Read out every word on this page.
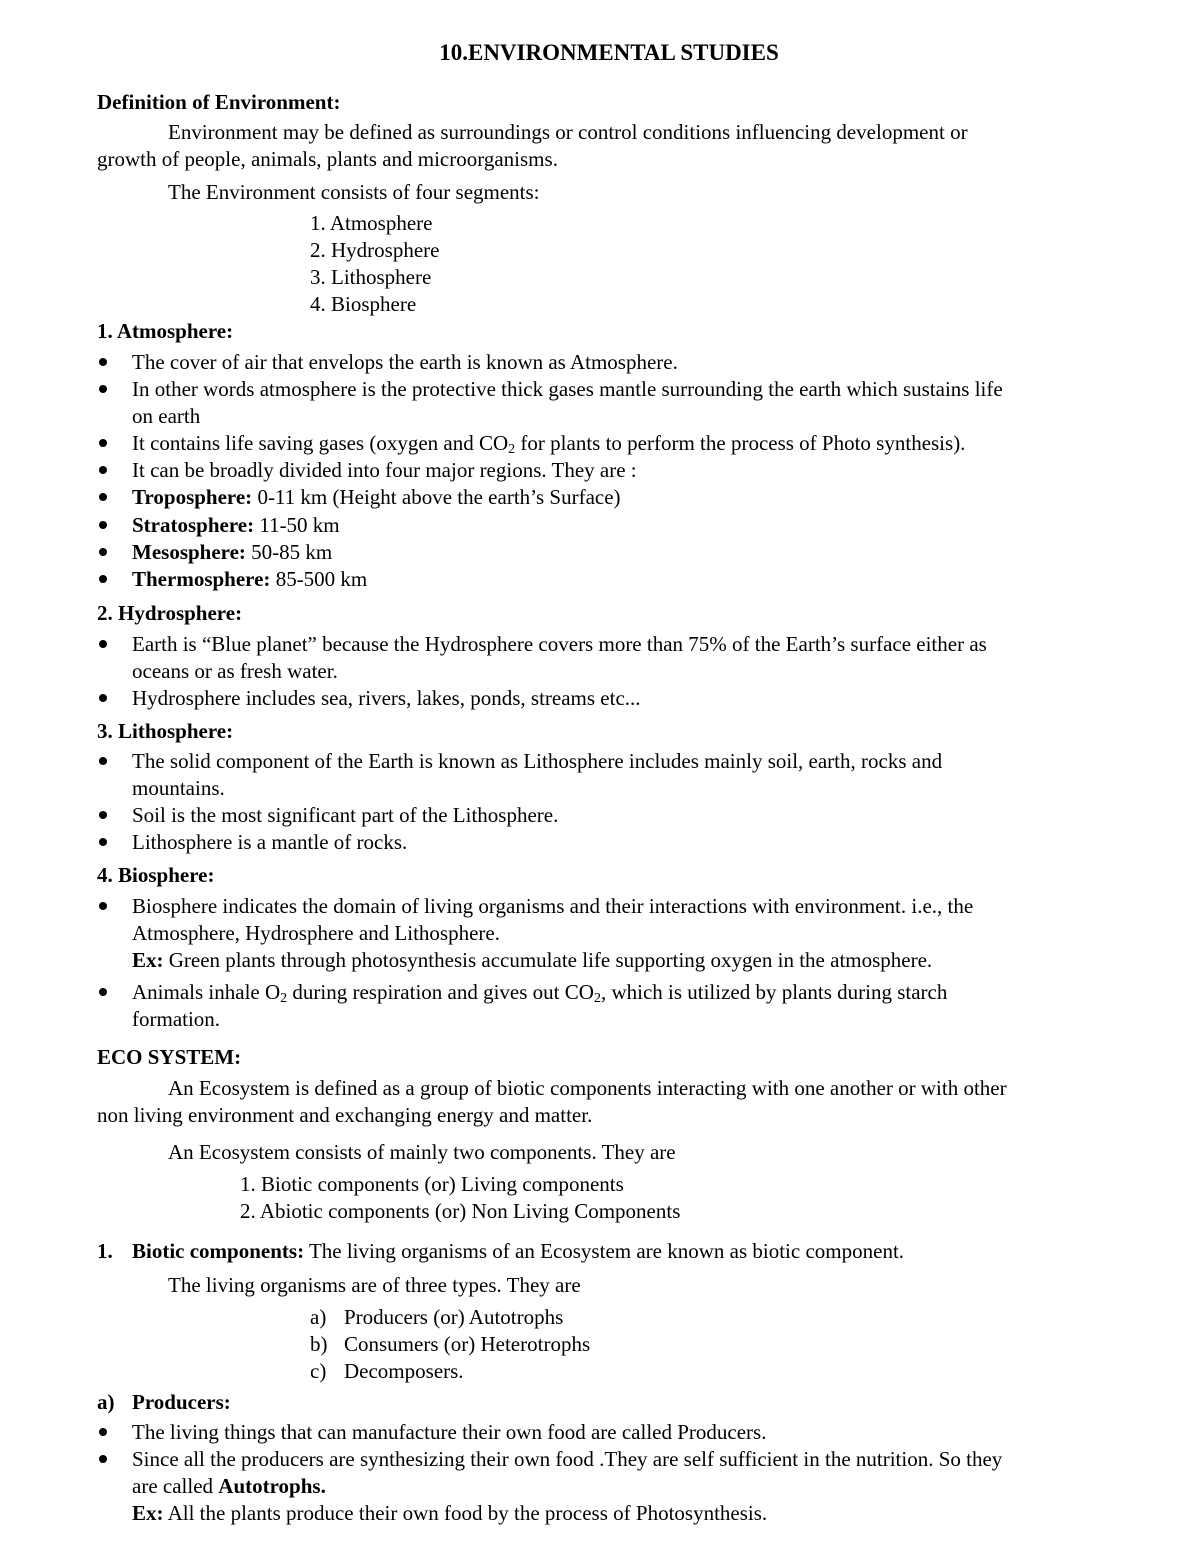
10.ENVIRONMENTAL STUDIES
Definition of Environment:
Environment may be defined as surroundings or control conditions influencing development or
growth of people, animals, plants and microorganisms.
The Environment consists of four segments:
1. Atmosphere
2. Hydrosphere
3. Lithosphere
4. Biosphere
1. Atmosphere:
The cover of air that envelops the earth is known as Atmosphere.
In other words atmosphere is the protective thick gases mantle surrounding the earth which sustains life
on earth
It contains life saving gases (oxygen and $CO_2$ for plants to perform the process of Photo synthesis).
It can be broadly divided into four major regions. They are :
Troposphere: 0-11 km (Height above the earth’s Surface)
Stratosphere: 11-50 km
Mesosphere: 50-85 km
Thermosphere: 85-500 km
2. Hydrosphere:
Earth is “Blue planet” because the Hydrosphere covers more than 75% of the Earth’s surface either as
oceans or as fresh water.
Hydrosphere includes sea, rivers, lakes, ponds, streams etc...
3. Lithosphere:
The solid component of the Earth is known as Lithosphere includes mainly soil, earth, rocks and
mountains.
Soil is the most significant part of the Lithosphere.
Lithosphere is a mantle of rocks.
4. Biosphere:
Biosphere indicates the domain of living organisms and their interactions with environment. i.e., the
Atmosphere, Hydrosphere and Lithosphere.
Ex: Green plants through photosynthesis accumulate life supporting oxygen in the atmosphere.
Animals inhale $O_2$ during respiration and gives out $CO_2$, which is utilized by plants during starch
formation.
ECO SYSTEM:
An Ecosystem is defined as a group of biotic components interacting with one another or with other
non living environment and exchanging energy and matter.
An Ecosystem consists of mainly two components. They are
1. Biotic components (or) Living components
2. Abiotic components (or) Non Living Components
1. Biotic components: The living organisms of an Ecosystem are known as biotic component.
The living organisms are of three types. They are
a) Producers (or) Autotrophs
b) Consumers (or) Heterotrophs
c) Decomposers.
a) Producers:
The living things that can manufacture their own food are called Producers.
Since all the producers are synthesizing their own food .They are self sufficient in the nutrition. So they
are called Autotrophs.
Ex: All the plants produce their own food by the process of Photosynthesis.
